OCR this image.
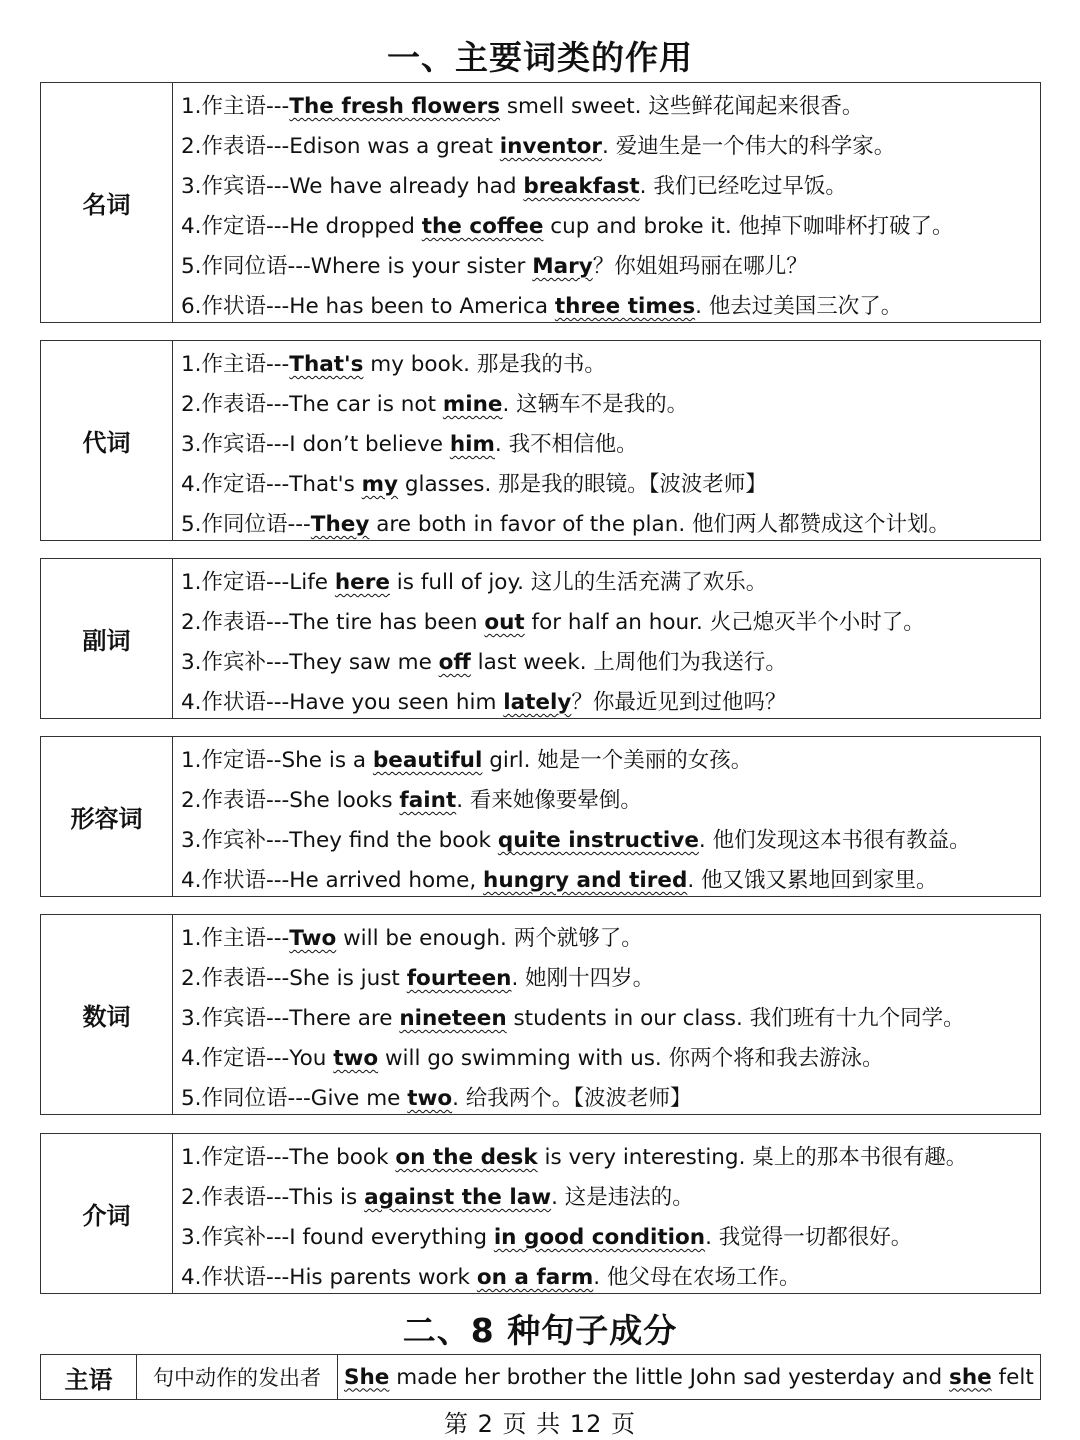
一、主要词类的作用
名词
1.作主语---The fresh flowers smell sweet. 这些鲜花闻起来很香。
2.作表语---Edison was a great inventor. 爱迪生是一个伟大的科学家。
3.作宾语---We have already had breakfast. 我们已经吃过早饭。
4.作定语---He dropped the coffee cup and broke it. 他掉下咖啡杯打破了。
5.作同位语---Where is your sister Mary？你姐姐玛丽在哪儿？
6.作状语---He has been to America three times. 他去过美国三次了。
代词
1.作主语---That's my book. 那是我的书。
2.作表语---The car is not mine. 这辆车不是我的。
3.作宾语---I don’t believe him. 我不相信他。
4.作定语---That's my glasses. 那是我的眼镜。【波波老师】
5.作同位语---They are both in favor of the plan. 他们两人都赞成这个计划。
副词
1.作定语---Life here is full of joy. 这儿的生活充满了欢乐。
2.作表语---The tire has been out for half an hour. 火己熄灭半个小时了。
3.作宾补---They saw me off last week. 上周他们为我送行。
4.作状语---Have you seen him lately？你最近见到过他吗？
形容词
1.作定语--She is a beautiful girl. 她是一个美丽的女孩。
2.作表语---She looks faint. 看来她像要晕倒。
3.作宾补---They find the book quite instructive. 他们发现这本书很有教益。
4.作状语---He arrived home, hungry and tired. 他又饿又累地回到家里。
数词
1.作主语---Two will be enough. 两个就够了。
2.作表语---She is just fourteen. 她刚十四岁。
3.作宾语---There are nineteen students in our class. 我们班有十九个同学。
4.作定语---You two will go swimming with us. 你两个将和我去游泳。
5.作同位语---Give me two. 给我两个。【波波老师】
介词
1.作定语---The book on the desk is very interesting. 桌上的那本书很有趣。
2.作表语---This is against the law. 这是违法的。
3.作宾补---I found everything in good condition. 我觉得一切都很好。
4.作状语---His parents work on a farm. 他父母在农场工作。
二、8 种句子成分
主语	句中动作的发出者	She made her brother the little John sad yesterday and she felt
第 2 页 共 12 页
